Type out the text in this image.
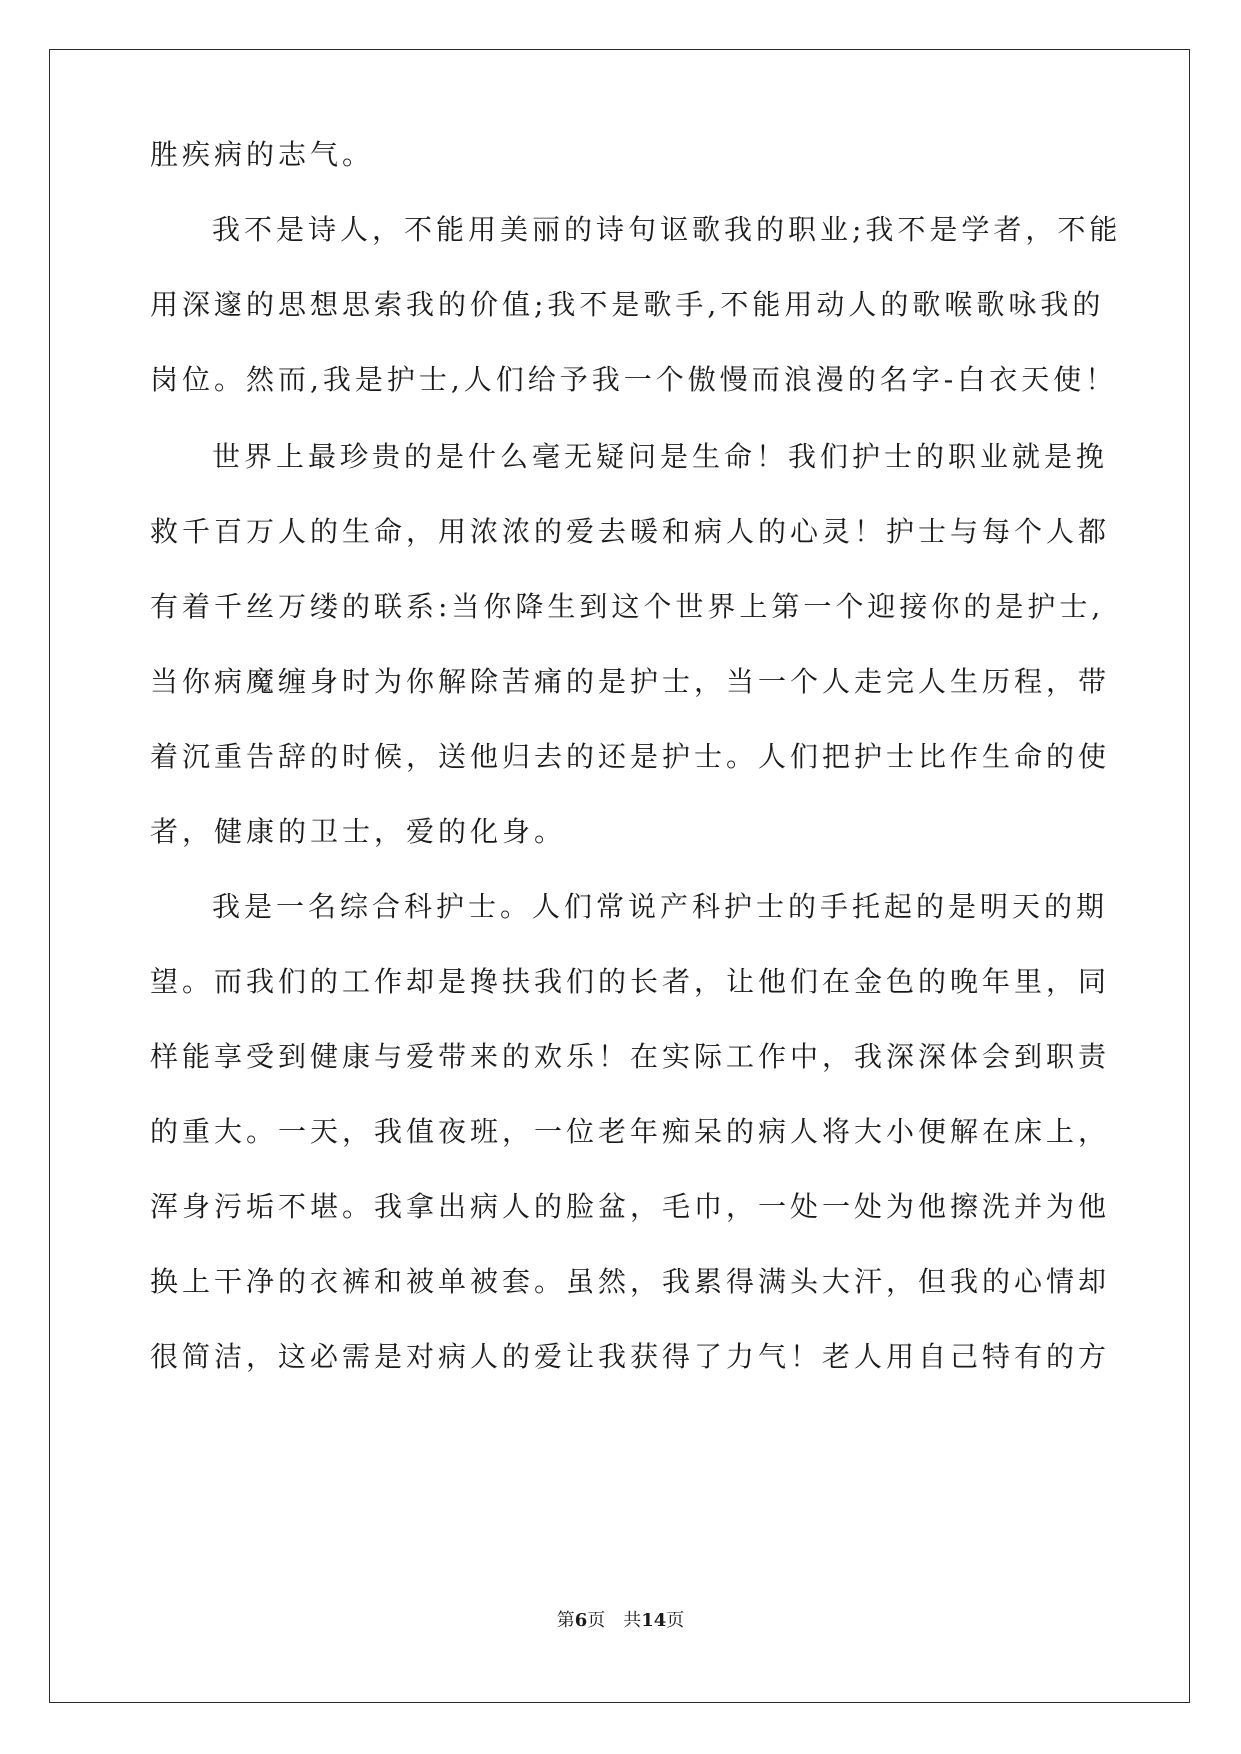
胜疾病的志气。
我不是诗人，不能用美丽的诗句讴歌我的职业;我不是学者，不能
用深邃的思想思索我的价值;我不是歌手,不能用动人的歌喉歌咏我的
岗位。然而,我是护士,人们给予我一个傲慢而浪漫的名字-白衣天使！
世界上最珍贵的是什么毫无疑问是生命！我们护士的职业就是挽
救千百万人的生命，用浓浓的爱去暖和病人的心灵！护士与每个人都
有着千丝万缕的联系:当你降生到这个世界上第一个迎接你的是护士,
当你病魔缠身时为你解除苦痛的是护士，当一个人走完人生历程，带
着沉重告辞的时候，送他归去的还是护士。人们把护士比作生命的使
者，健康的卫士，爱的化身。
我是一名综合科护士。人们常说产科护士的手托起的是明天的期
望。而我们的工作却是搀扶我们的长者，让他们在金色的晚年里，同
样能享受到健康与爱带来的欢乐！在实际工作中，我深深体会到职责
的重大。一天，我值夜班，一位老年痴呆的病人将大小便解在床上，
浑身污垢不堪。我拿出病人的脸盆，毛巾，一处一处为他擦洗并为他
换上干净的衣裤和被单被套。虽然，我累得满头大汗，但我的心情却
很简洁，这必需是对病人的爱让我获得了力气！老人用自己特有的方
第6页　共14页
